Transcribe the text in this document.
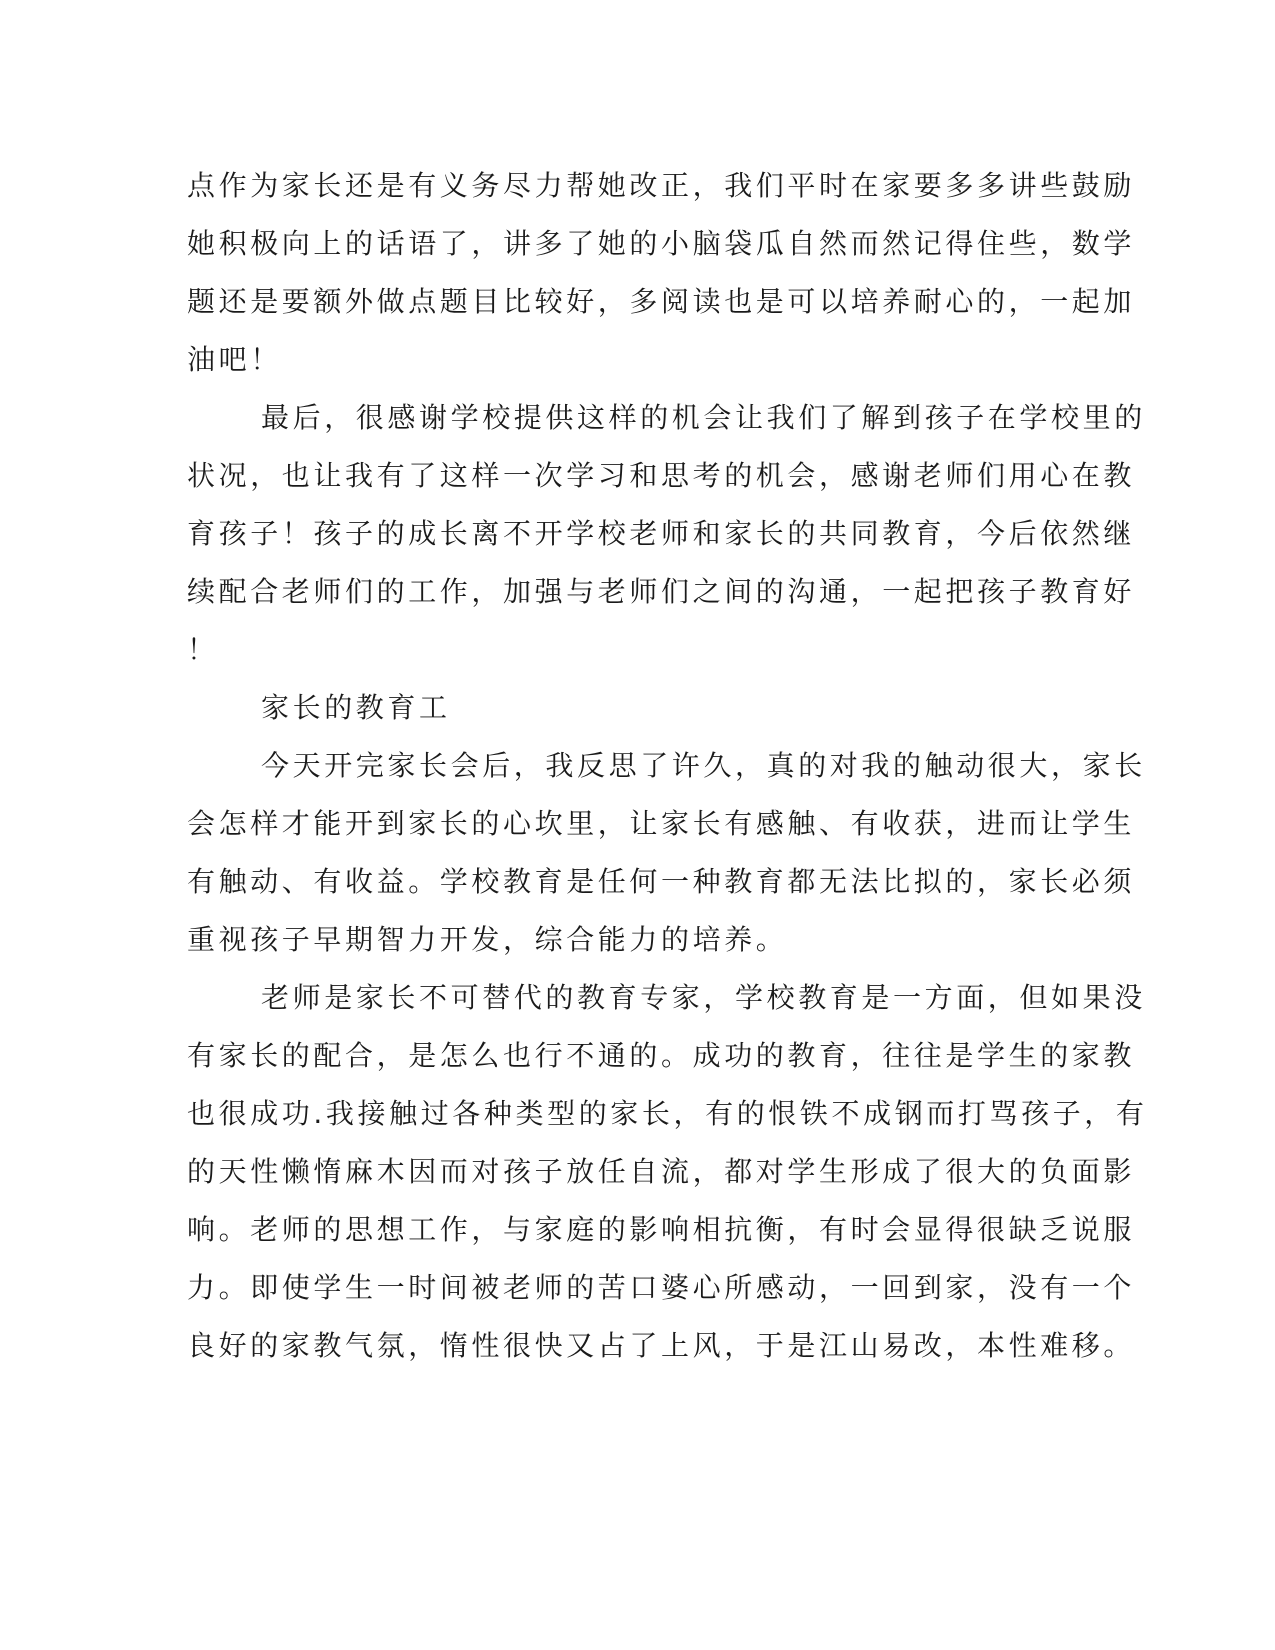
点作为家长还是有义务尽力帮她改正，我们平时在家要多多讲些鼓励
她积极向上的话语了，讲多了她的小脑袋瓜自然而然记得住些，数学
题还是要额外做点题目比较好，多阅读也是可以培养耐心的，一起加
油吧！
最后，很感谢学校提供这样的机会让我们了解到孩子在学校里的
状况，也让我有了这样一次学习和思考的机会，感谢老师们用心在教
育孩子！孩子的成长离不开学校老师和家长的共同教育，今后依然继
续配合老师们的工作，加强与老师们之间的沟通，一起把孩子教育好
！
家长的教育工
今天开完家长会后，我反思了许久，真的对我的触动很大，家长
会怎样才能开到家长的心坎里，让家长有感触、有收获，进而让学生
有触动、有收益。学校教育是任何一种教育都无法比拟的，家长必须
重视孩子早期智力开发，综合能力的培养。
老师是家长不可替代的教育专家，学校教育是一方面，但如果没
有家长的配合，是怎么也行不通的。成功的教育，往往是学生的家教
也很成功.我接触过各种类型的家长，有的恨铁不成钢而打骂孩子，有
的天性懒惰麻木因而对孩子放任自流，都对学生形成了很大的负面影
响。老师的思想工作，与家庭的影响相抗衡，有时会显得很缺乏说服
力。即使学生一时间被老师的苦口婆心所感动，一回到家，没有一个
良好的家教气氛，惰性很快又占了上风，于是江山易改，本性难移。
